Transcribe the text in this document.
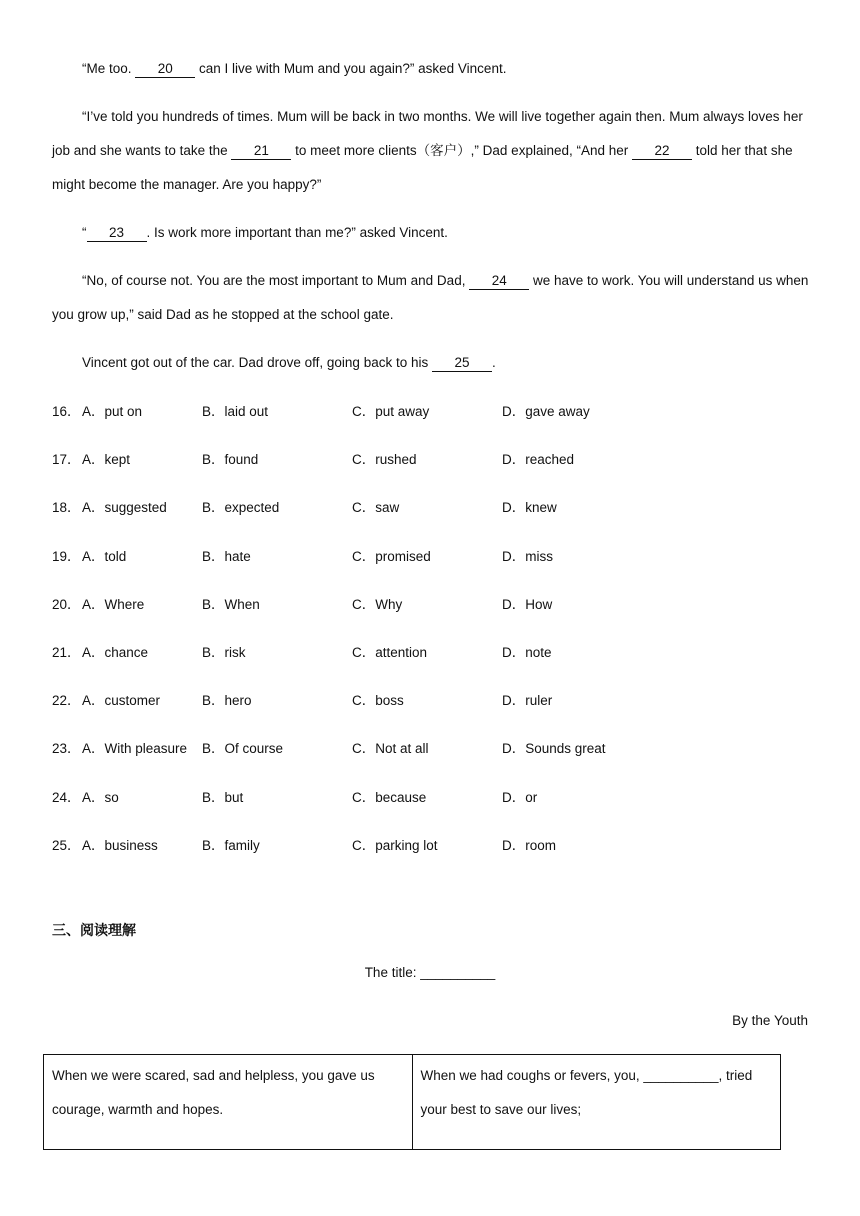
“Me too. 20 can I live with Mum and you again?” asked Vincent.
“I’ve told you hundreds of times. Mum will be back in two months. We will live together again then. Mum always loves her job and she wants to take the 21 to meet more clients（客户）,” Dad explained, “And her 22 told her that she might become the manager. Are you happy?”
“ 23 . Is work more important than me?” asked Vincent.
“No, of course not. You are the most important to Mum and Dad, 24 we have to work. You will understand us when you grow up,” said Dad as he stopped at the school gate.
Vincent got out of the car. Dad drove off, going back to his 25 .
16． A．put on	B．laid out	C．put away	D．gave away
17． A．kept	B．found	C．rushed	D．reached
18． A．suggested	B．expected	C．saw	D．knew
19． A．told	B．hate	C．promised	D．miss
20． A．Where	B．When	C．Why	D．How
21． A．chance	B．risk	C．attention	D．note
22． A．customer	B．hero	C．boss	D．ruler
23． A．With pleasure B．Of course	C．Not at all	D．Sounds great
24． A．so	B．but	C．because	D．or
25． A．business	B．family	C．parking lot	D．room
三、阅读理解
The title: __________
By the Youth
When we were scared, sad and helpless, you gave us courage, warmth and hopes.

When we had coughs or fevers, you, __________, tried your best to save our lives;
